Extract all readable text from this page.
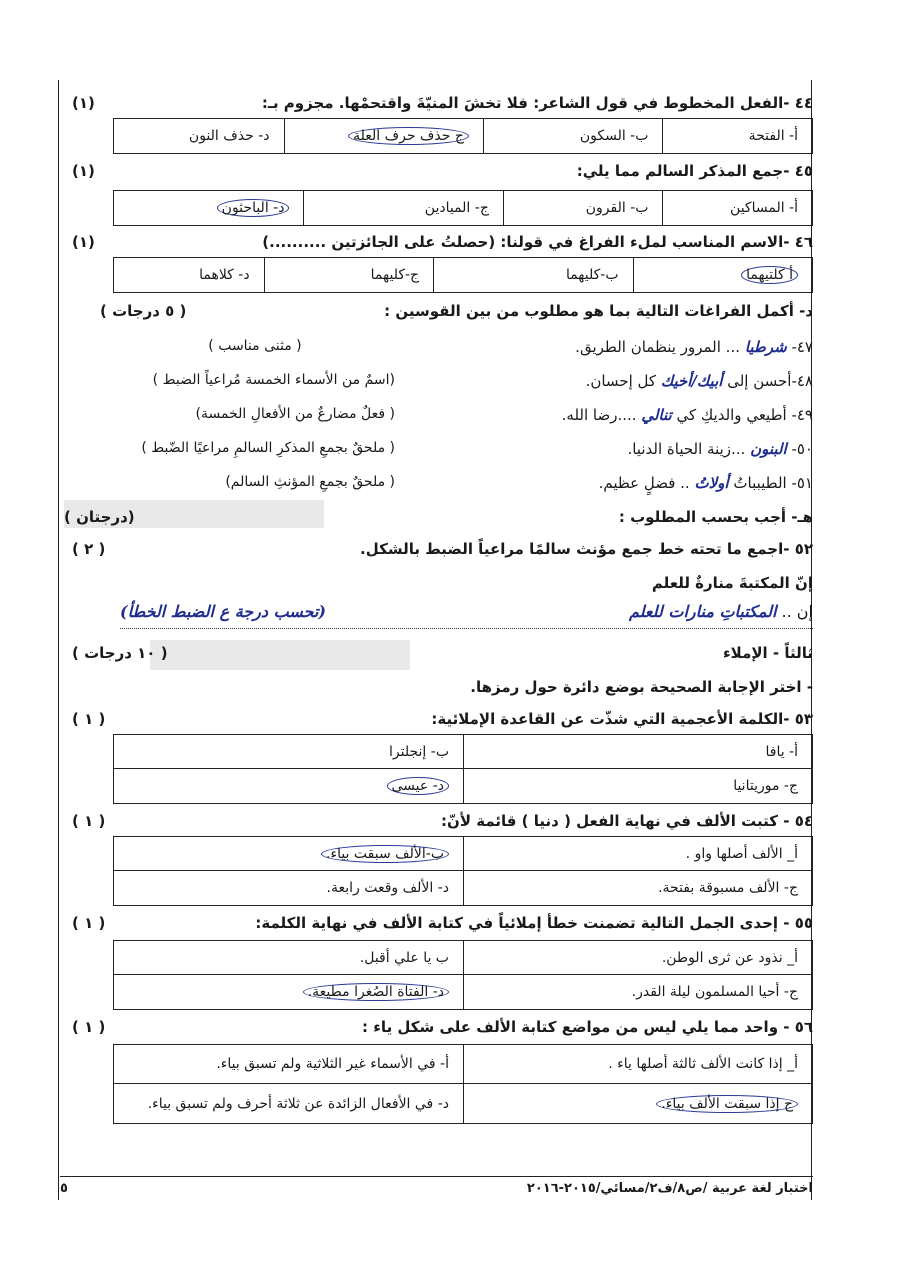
٤٤ -الفعل المخطوط في قول الشاعر: فلا تخشَ المنيّةَ واقتحمْها. مجزوم بـ:
(١)
أ- الفتحة
ب- السكون
ج حذف حرف العلة
د- حذف النون
٤٥ -جمع المذكر السالم مما يلي:
(١)
أ- المساكين
ب- القرون
ج- الميادين
د- الباحثون
٤٦ -الاسم المناسب لملء الفراغ في قولنا: (حصلتُ على الجائزتين ..........)
(١)
أ كلتيهما
ب-كليهما
ج-كليهما
د- كلاهما
د- أكمل الفراغات التالية بما هو مطلوب من بين القوسين :
( ٥ درجات )
٤٧- شرطيا ... المرور ينظمان الطريق.
( مثنى مناسب )
٤٨-أحسن إلى أبيك/أخيك كل إحسان.
(اسمٌ من الأسماء الخمسة مُراعياً الضبط )
٤٩- أطيعي والديكِ كي تنالي ....رضا الله.
( فعلٌ مضارعٌ من الأفعالِ الخمسة)
٥٠- البنون ...زينة الحياة الدنيا.
( ملحقٌ بجمعِ المذكرِ السالمِ مراعيًا الضّبط )
٥١- الطيبباتُ أولاتُ .. فضلٍ عظيم.
( ملحقٌ بجمعِ المؤنثِ السالم)
هـ- أجب بحسب المطلوب :
(درجتان )
٥٢ -اجمع ما تحته خط جمع مؤنث سالمًا مراعياً الضبط بالشكل.
( ٢ )
إنّ المكتبةَ منارةٌ للعلم
إن .. المكتباتِ منارات للعلم
(تحسب درجة ع الضبط الخطأ)
ثالثاً - الإملاء
( ١٠ درجات )
- اختر الإجابة الصحيحة بوضع دائرة حول رمزها.
٥٣ -الكلمة الأعجمية التي شذّت عن القاعدة الإملائية:
( ١ )
أ- يافا
ب- إنجلترا
ج- موريتانيا
د- عيسى
٥٤ - كتبت الألف في نهاية الفعل ( دنيا ) قائمة لأنّ:
( ١ )
أ_ الألف أصلها واو .
ب-الألف سبقت بياء.
ج- الألف مسبوقة بفتحة.
د- الألف وقعت رابعة.
٥٥ - إحدى الجمل التالية تضمنت خطأ إملائياً في كتابة الألف في نهاية الكلمة:
( ١ )
أ_ نذود عن ثرى الوطن.
ب يا علي أقبل.
ج- أحيا المسلمون ليلة القدر.
د- الفتاة الصُغرا مطيعة.
٥٦ - واحد مما يلي ليس من مواضع كتابة الألف على شكل ياء :
( ١ )
أ_ إذا كانت الألف ثالثة أصلها ياء .
أ- في الأسماء غير الثلاثية ولم تسبق بياء.
ج إذا سبقت الألف بياء.
د- في الأفعال الزائدة عن ثلاثة أحرف ولم تسبق بياء.
اختبار لغة عربية /ص٨/ف٢/مسائي/٢٠١٥-٢٠١٦
٥
